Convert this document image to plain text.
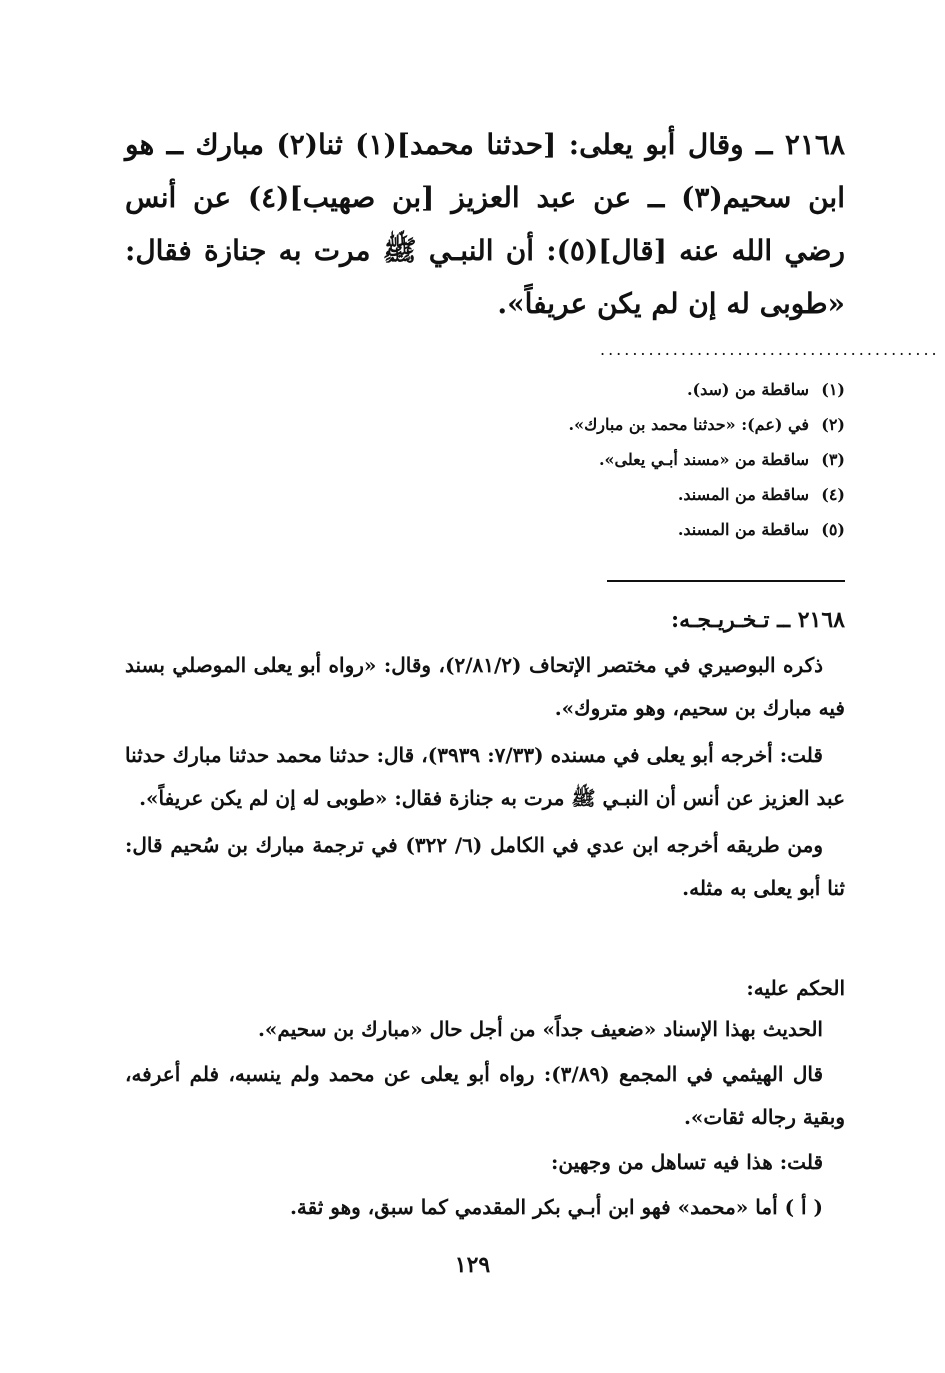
٢١٦٨ ــ وقال أبو يعلى: [حدثنا محمد](١) ثنا(٢) مبارك ــ هو ابن سحيم(٣) ــ عن عبد العزيز [بن صهيب](٤) عن أنس رضي الله عنه [قال](٥): أن النبـي ﷺ مرت به جنازة فقال: «طوبى له إن لم يكن عريفاً».

..........................................
(١)ساقطة من (سد).
(٢)في (عم): «حدثنا محمد بن مبارك».
(٣)ساقطة من «مسند أبـي يعلى».
(٤)ساقطة من المسند.
(٥)ساقطة من المسند.
٢١٦٨ ــ تـخـريـجـه:

ذكره البوصيري في مختصر الإتحاف (٢/٨١/٢)، وقال: «رواه أبو يعلى الموصلي بسند فيه مبارك بن سحيم، وهو متروك».

قلت: أخرجه أبو يعلى في مسنده (٧/٣٣: ٣٩٣٩)، قال: حدثنا محمد حدثنا مبارك حدثنا عبد العزيز عن أنس أن النبـي ﷺ مرت به جنازة فقال: «طوبى له إن لم يكن عريفاً».

ومن طريقه أخرجه ابن عدي في الكامل (٦/ ٣٢٢) في ترجمة مبارك بن سُحيم قال: ثنا أبو يعلى به مثله.

الحكم عليه:

الحديث بهذا الإسناد «ضعيف جداً» من أجل حال «مبارك بن سحيم».

قال الهيثمي في المجمع (٣/٨٩): رواه أبو يعلى عن محمد ولم ينسبه، فلم أعرفه، وبقية رجاله ثقات».

قلت: هذا فيه تساهل من وجهين:

( أ ) أما «محمد» فهو ابن أبـي بكر المقدمي كما سبق، وهو ثقة.

١٢٩
